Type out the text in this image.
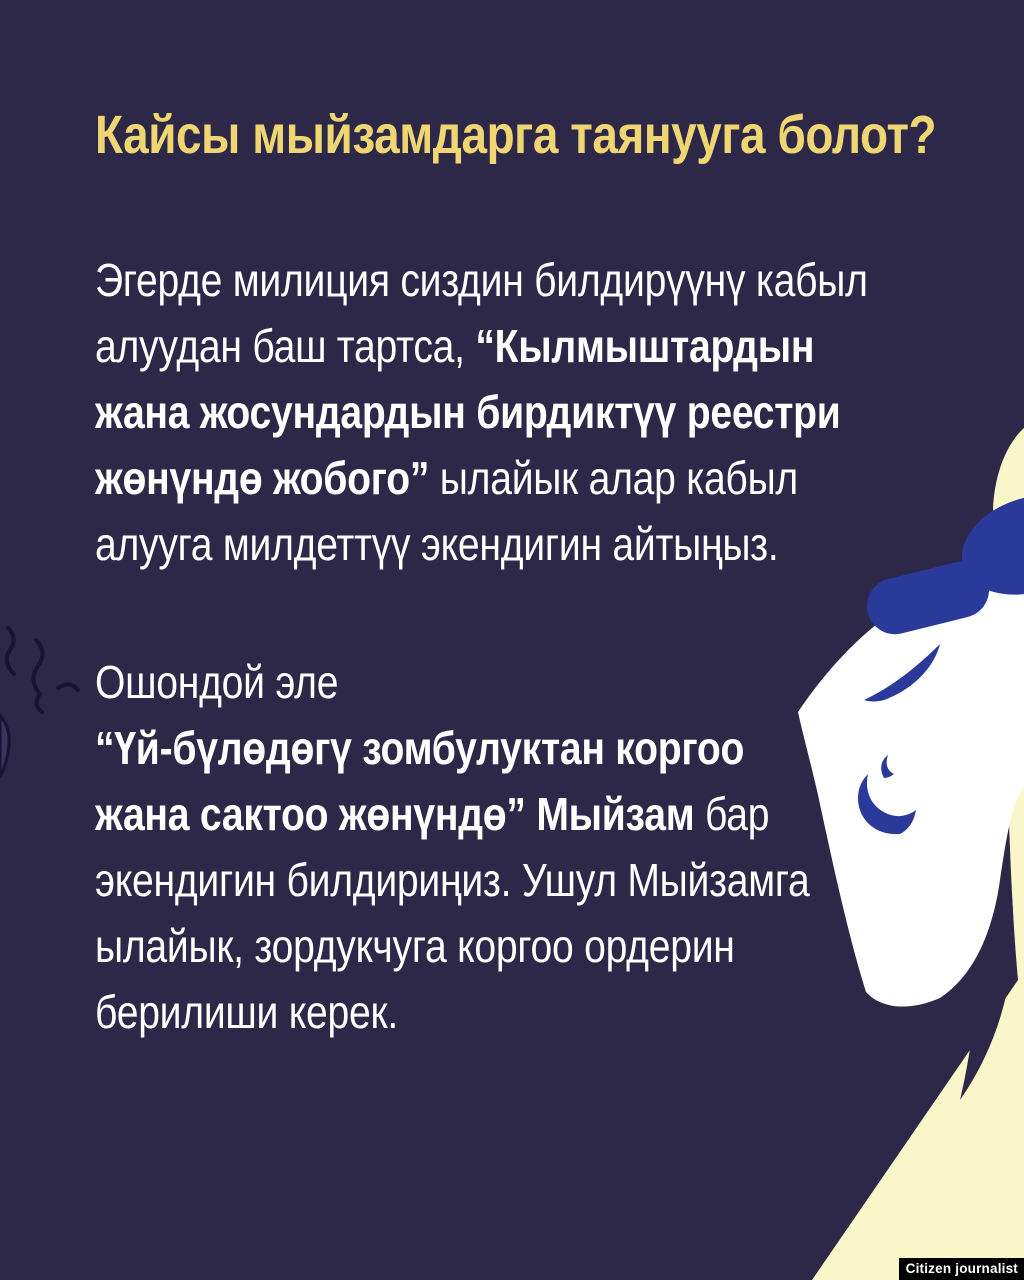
Кайсы мыйзамдарга таянууга болот?
Эгерде милиция сиздин билдирүүнү кабыл
алуудан баш тартса, “Кылмыштардын
жана жосундардын бирдиктүү реестри
жөнүндө жобого” ылайык алар кабыл
алууга милдеттүү экендигин айтыңыз.
Ошондой эле
“Үй-бүлөдөгү зомбулуктан коргоо
жана сактоо жөнүндө” Мыйзам бар
экендигин билдириңиз. Ушул Мыйзамга
ылайык, зордукчуга коргоо ордерин
берилиши керек.
Citizen journalist
